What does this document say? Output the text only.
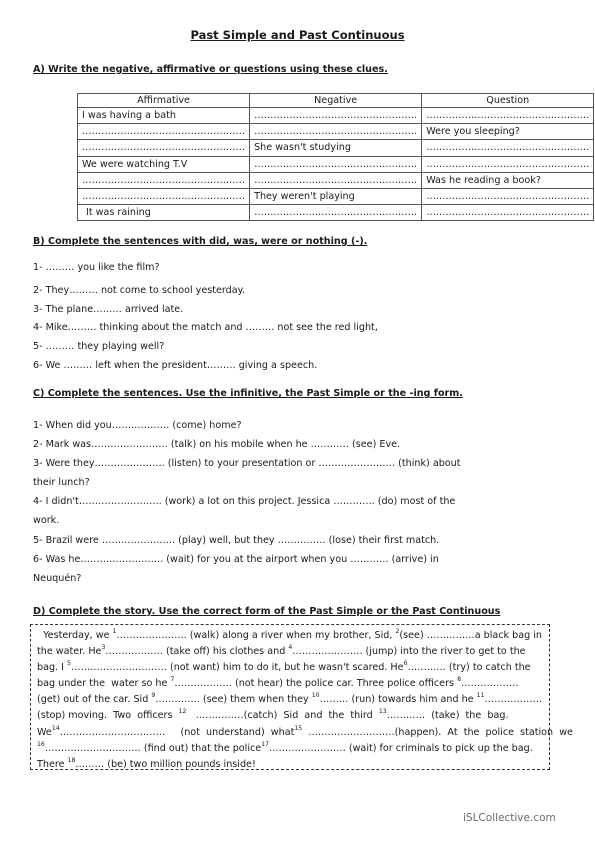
Past Simple and Past Continuous
A) Write the negative, affirmative or questions using these clues.
Affirmative	Negative	Question
I was having a bath	……………………………………………	……………………………………………
……………………………………………	……………………………………………	Were you sleeping?
……………………………………………	She wasn't studying	……………………………………………
We were watching T.V	……………………………………………	……………………………………………
……………………………………………	……………………………………………	Was he reading a book?
……………………………………………	They weren't playing	……………………………………………
It was raining	……………………………………………	……………………………………………
B) Complete the sentences with did, was, were or nothing (-).
1- ……… you like the film?
2- They……… not come to school yesterday.
3- The plane……… arrived late.
4- Mike……… thinking about the match and ……… not see the red light,
5- ……… they playing well?
6- We ……… left when the president……… giving a speech.
C) Complete the sentences. Use the infinitive, the Past Simple or the -ing form.
1- When did you……………… (come) home?
2- Mark was…………………… (talk) on his mobile when he ………… (see) Eve.
3- Were they…………………. (listen) to your presentation or …………………… (think) about
their lunch?
4- I didn't…………………….. (work) a lot on this project. Jessica …………. (do) most of the
work.
5- Brazil were ………………….. (play) well, but they …………… (lose) their first match.
6- Was he…………………….. (wait) for you at the airport when you ………… (arrive) in
Neuquén?
D) Complete the story. Use the correct form of the Past Simple or the Past Continuous
Yesterday, we $^1$…………………. (walk) along a river when my brother, Sid, $^2$(see) ……………a black bag in
the water. He$^3$……………… (take off) his clothes and $^4$…………………. (jump) into the river to get to the
bag. I $^5$………………………… (not want) him to do it, but he wasn't scared. He$^6$………… (try) to catch the
bag under the  water so he $^7$……………… (not hear) the police car. Three police officers $^8$………………
(get) out of the car. Sid $^9$………….. (see) them when they $^{10}$……… (run) towards him and he $^{11}$………………
(stop) moving.  Two  officers  $^{12}$   ……………(catch)  Sid  and  the  third  $^{13}$…………  (take)  the  bag.
We$^{14}$……………………………     (not  understand)  what$^{15}$  ………………………(happen).  At  the  police  station  we
$^{16}$………………………… (find out) that the police$^{17}$…………………… (wait) for criminals to pick up the bag.
There $^{18}$……… (be) two million pounds inside!
iSLCollective.com
